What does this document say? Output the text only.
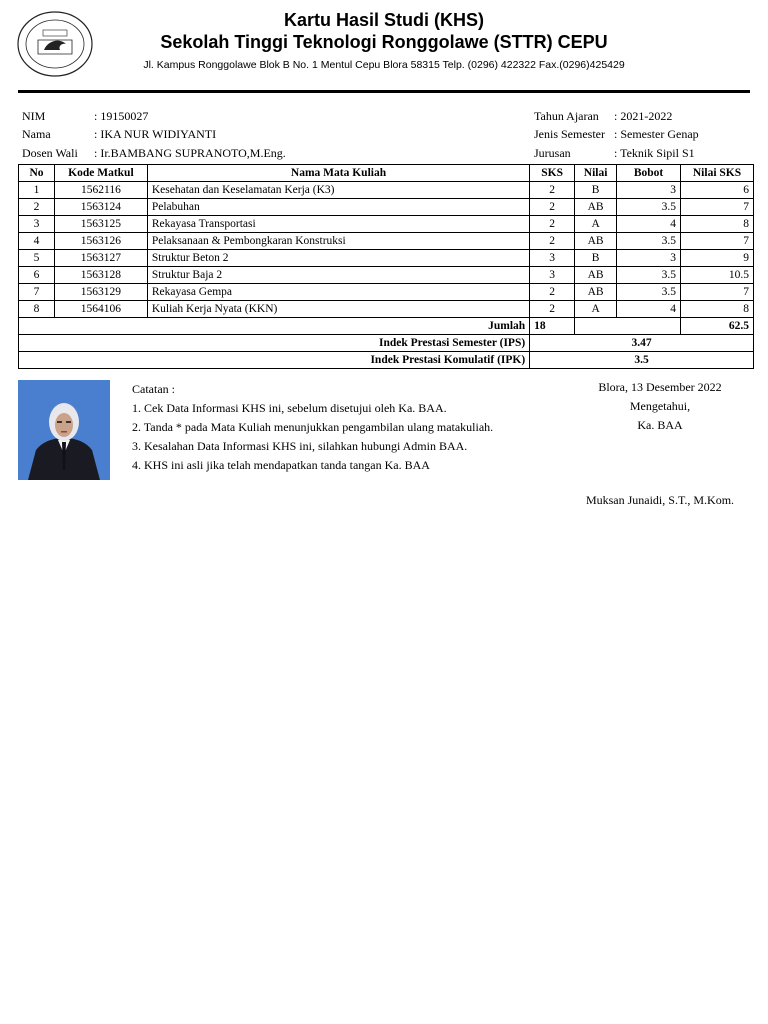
Kartu Hasil Studi (KHS)
Sekolah Tinggi Teknologi Ronggolawe (STTR) CEPU
Jl. Kampus Ronggolawe Blok B No. 1 Mentul Cepu Blora 58315 Telp. (0296) 422322 Fax.(0296)425429
NIM	: 19150027
Nama	: IKA NUR WIDIYANTI
Dosen Wali : Ir.BAMBANG SUPRANOTO,M.Eng.
Tahun Ajaran : 2021-2022
Jenis Semester : Semester Genap
Jurusan	: Teknik Sipil S1
No	Kode Matkul	Nama Mata Kuliah	SKS	Nilai	Bobot	Nilai SKS
1	1562116	Kesehatan dan Keselamatan Kerja (K3)	2	B	3	6
2	1563124	Pelabuhan	2	AB	3.5	7
3	1563125	Rekayasa Transportasi	2	A	4	8
4	1563126	Pelaksanaan & Pembongkaran Konstruksi	2	AB	3.5	7
5	1563127	Struktur Beton 2	3	B	3	9
6	1563128	Struktur Baja 2	3	AB	3.5	10.5
7	1563129	Rekayasa Gempa	2	AB	3.5	7
8	1564106	Kuliah Kerja Nyata (KKN)	2	A	4	8
Jumlah			18			62.5
Indek Prestasi Semester (IPS)			3.47			
Indek Prestasi Komulatif (IPK)			3.5			
Catatan :
1. Cek Data Informasi KHS ini, sebelum disetujui oleh Ka. BAA.
2. Tanda * pada Mata Kuliah menunjukkan pengambilan ulang matakuliah.
3. Kesalahan Data Informasi KHS ini, silahkan hubungi Admin BAA.
4. KHS ini asli jika telah mendapatkan tanda tangan Ka. BAA
Blora, 13 Desember 2022
Mengetahui,
Ka. BAA
Muksan Junaidi, S.T., M.Kom.
